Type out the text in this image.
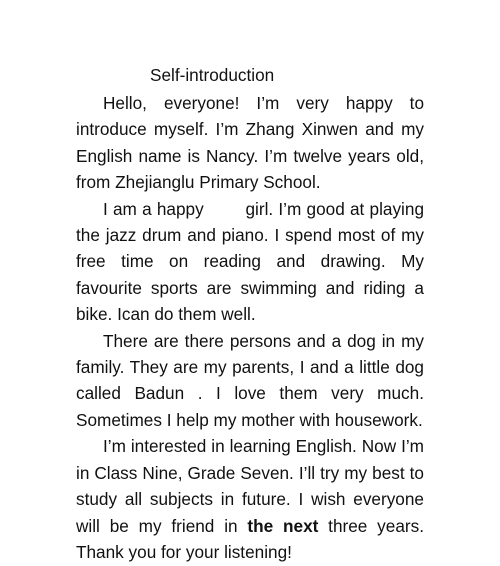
Self-introduction

Hello, everyone! I’m very happy to introduce myself. I’m Zhang Xinwen and my English name is Nancy. I’m twelve years old, from Zhejianglu Primary School.

I am a happy        girl. I’m good at playing the jazz drum and piano. I spend most of my free time on reading and drawing. My favourite sports are swimming and riding a bike. Ican do them well.

There are there persons and a dog in my family. They are my parents, I and a little dog called Badun . I love them very much. Sometimes I help my mother with housework.

I’m interested in learning English. Now I’m in Class Nine, Grade Seven. I’ll try my best to study all subjects in future. I wish everyone will be my friend in the next three years. Thank you for your listening!
